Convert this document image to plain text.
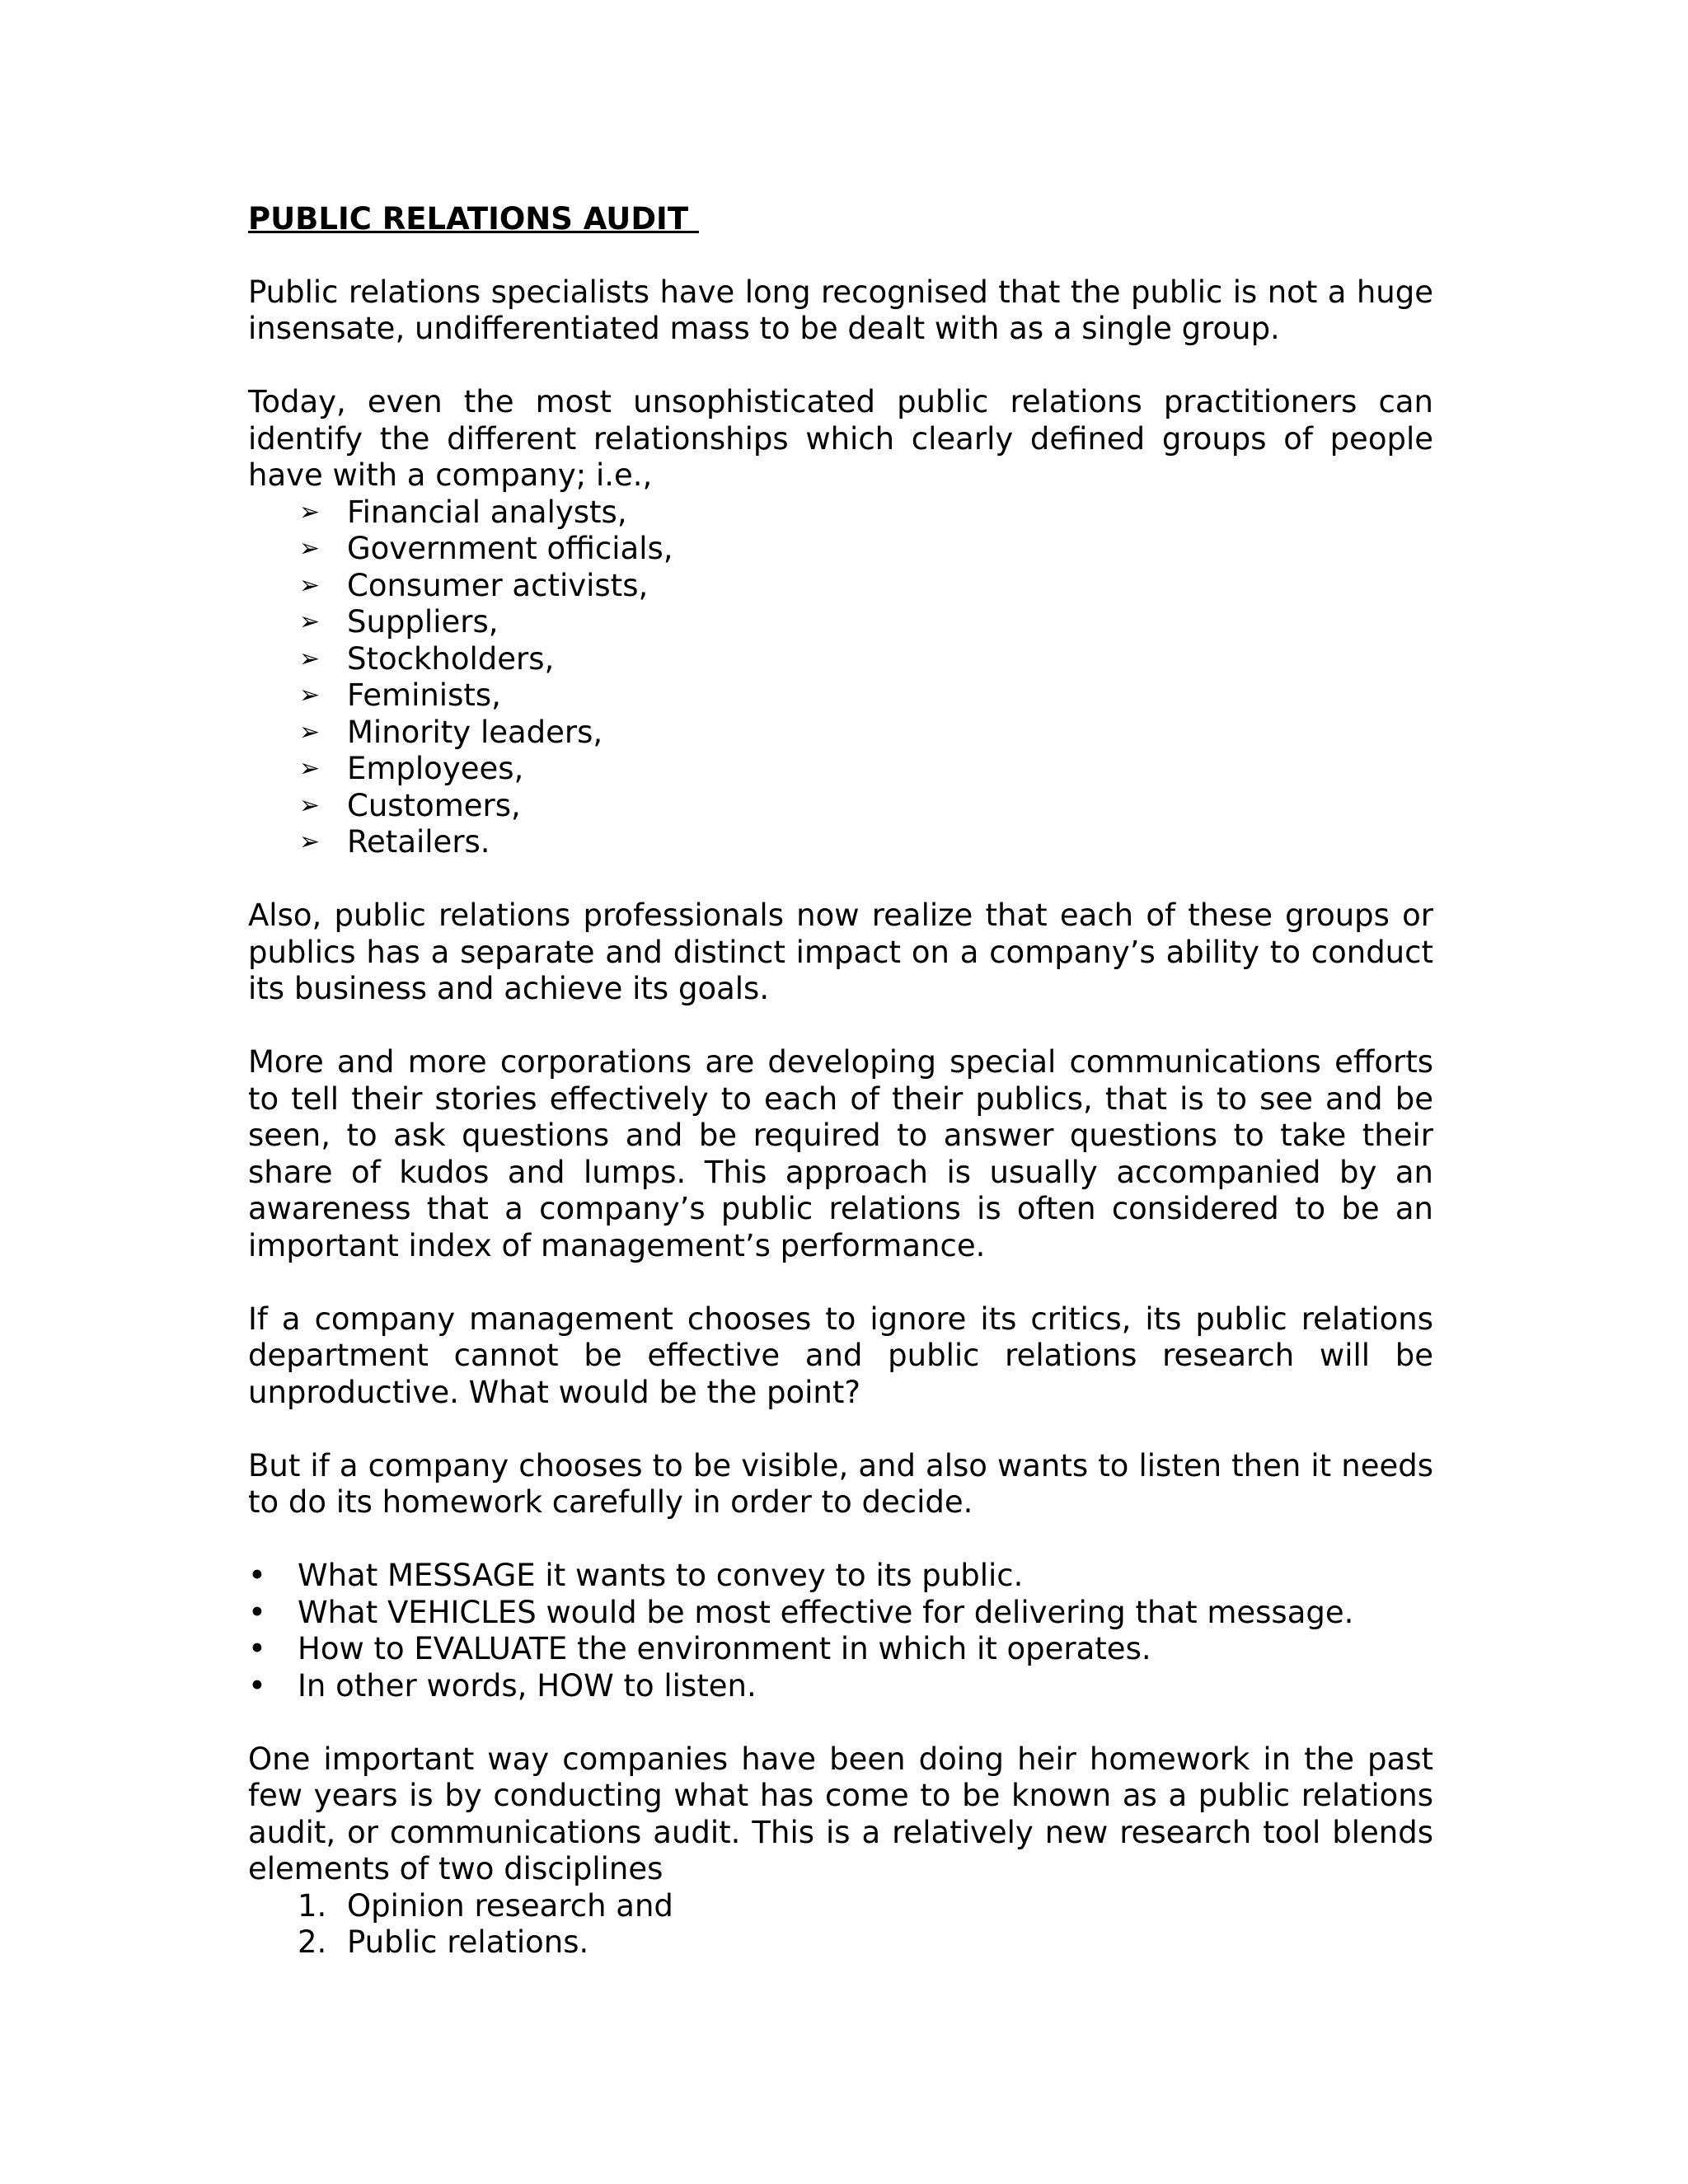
PUBLIC RELATIONS AUDIT

Public relations specialists have long recognised that the public is not a huge insensate, undifferentiated mass to be dealt with as a single group.

Today, even the most unsophisticated public relations practitioners can identify the different relationships which clearly defined groups of people have with a company; i.e.,

➢ Financial analysts,
➢ Government officials,
➢ Consumer activists,
➢ Suppliers,
➢ Stockholders,
➢ Feminists,
➢ Minority leaders,
➢ Employees,
➢ Customers,
➢ Retailers.

Also, public relations professionals now realize that each of these groups or publics has a separate and distinct impact on a company’s ability to conduct its business and achieve its goals.

More and more corporations are developing special communications efforts to tell their stories effectively to each of their publics, that is to see and be seen, to ask questions and be required to answer questions to take their share of kudos and lumps. This approach is usually accompanied by an awareness that a company’s public relations is often considered to be an important index of management’s performance.

If a company management chooses to ignore its critics, its public relations department cannot be effective and public relations research will be unproductive. What would be the point?

But if a company chooses to be visible, and also wants to listen then it needs to do its homework carefully in order to decide.

• What MESSAGE it wants to convey to its public.
• What VEHICLES would be most effective for delivering that message.
• How to EVALUATE the environment in which it operates.
• In other words, HOW to listen.

One important way companies have been doing heir homework in the past few years is by conducting what has come to be known as a public relations audit, or communications audit. This is a relatively new research tool blends elements of two disciplines

1. Opinion research and
2. Public relations.
